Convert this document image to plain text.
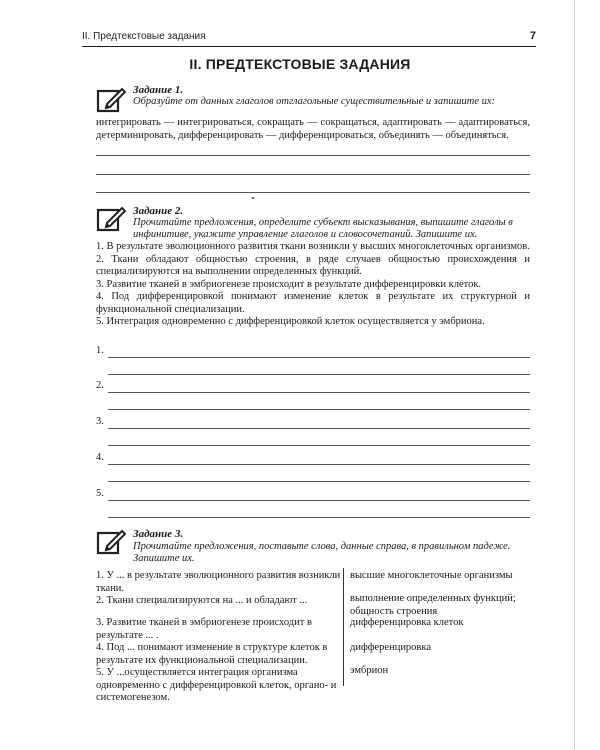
II. Предтекстовые задания	7
II. ПРЕДТЕКСТОВЫЕ ЗАДАНИЯ
Задание 1.
Образуйте от данных глаголов отглагольные существительные и запишите их:
интегрировать — интегрироваться, сокращать — сокращаться, адаптировать — адаптироваться, детерминировать, дифференцировать — дифференцироваться, объединять — объединяться.
Задание 2.
Прочитайте предложения, определите субъект высказывания, выпишите глаголы в инфинитиве, укажите управление глаголов и словосочетаний. Запишите их.
1. В результате эволюционного развития ткани возникли у высших многоклеточных организмов.
2. Ткани обладают общностью строения, в ряде случаев общностью происхождения и специализируются на выполнении определенных функций.
3. Развитие тканей в эмбриогенезе происходит в результате дифференцировки клеток.
4. Под дифференцировкой понимают изменение клеток в результате их структурной и функциональной специализации.
5. Интеграция одновременно с дифференцировкой клеток осуществляется у эмбриона.
1.
2.
3.
4.
5.
Задание 3.
Прочитайте предложения, поставьте слова, данные справа, в правильном падеже. Запишите их.
1. У ... в результате эволюционного развития возникли ткани.
2. Ткани специализируются на ... и обладают ...
3. Развитие тканей в эмбриогенезе происходит в результате ... .
4. Под ... понимают изменение в структуре клеток в результате их функциональной специализации.
5. У ...осуществляется интеграция организма одновременно с дифференцировкой клеток, органо- и системогенезом.
высшие многоклеточные организмы
выполнение определенных функций; общность строения
дифференцировка клеток
дифференцировка
эмбрион
